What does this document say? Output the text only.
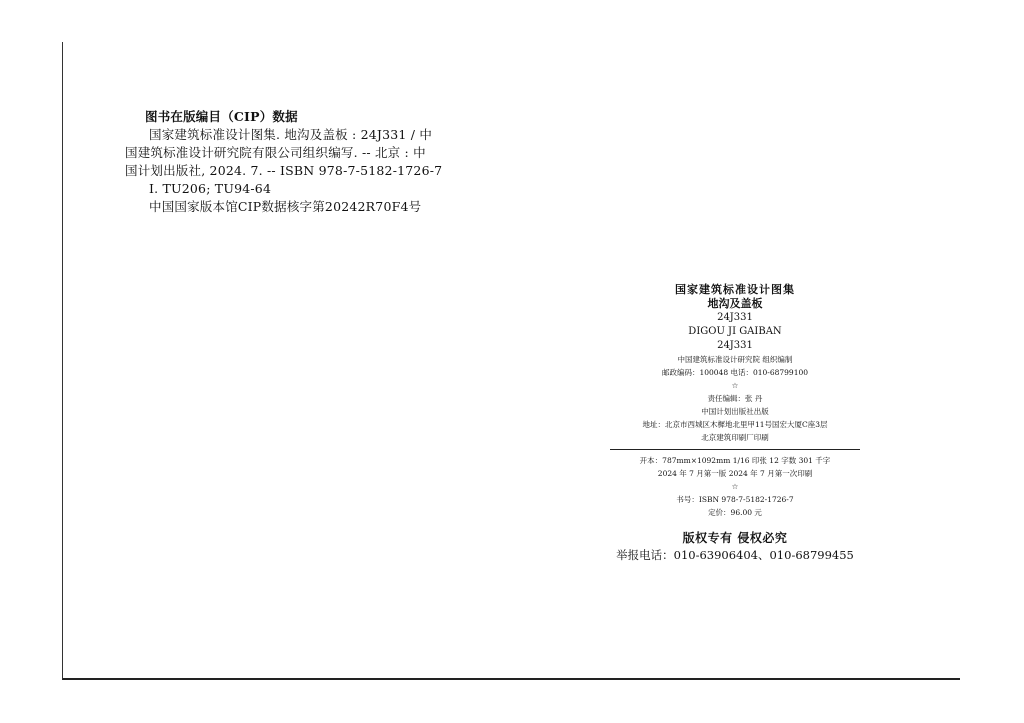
图书在版编目（CIP）数据
国家建筑标准设计图集. 地沟及盖板 : 24J331 / 中
国建筑标准设计研究院有限公司组织编写. -- 北京 : 中
国计划出版社, 2024. 7. -- ISBN 978-7-5182-1726-7
Ⅰ. TU206; TU94-64
中国国家版本馆CIP数据核字第20242R70F4号
国家建筑标准设计图集
地沟及盖板
24J331
DIGOU JI GAIBAN
24J331
中国建筑标准设计研究院 组织编制
邮政编码：100048 电话：010-68799100
☆
责任编辑：张 丹
中国计划出版社出版
地址：北京市西城区木樨地北里甲11号国宏大厦C座3层
北京建筑印刷厂印刷
开本：787mm×1092mm 1/16 印张 12 字数 301 千字
2024 年 7 月第一版 2024 年 7 月第一次印刷
☆
书号：ISBN 978-7-5182-1726-7
定价：96.00 元
版权专有 侵权必究
举报电话：010-63906404、010-68799455
